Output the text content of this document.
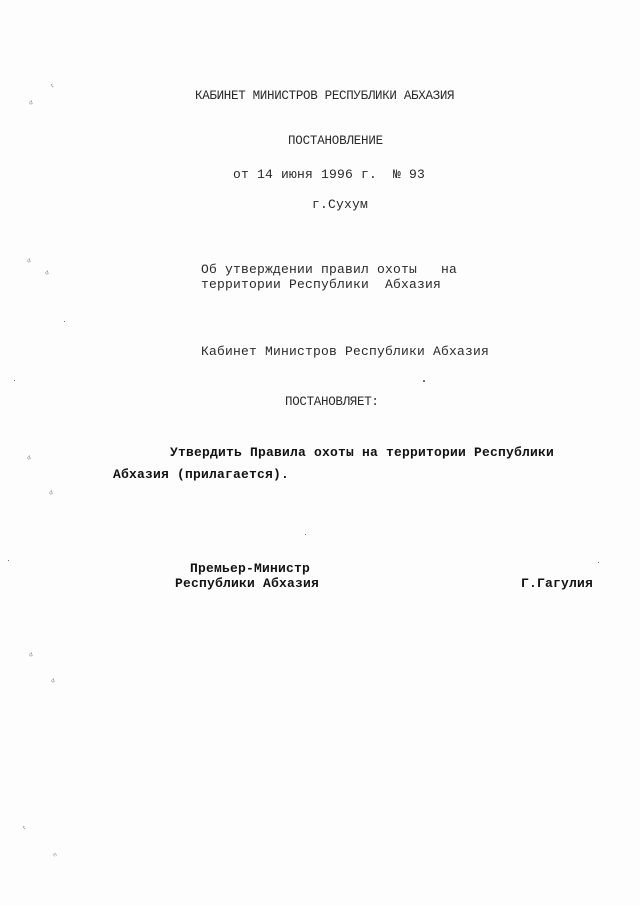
КАБИНЕТ МИНИСТРОВ РЕСПУБЛИКИ АБХАЗИЯ
ПОСТАНОВЛЕНИЕ
от 14 июня 1996 г.  № 93
г.Сухум
Об утверждении правил охоты   на
территории Республики  Абхазия
Кабинет Министров Республики Абхазия
ПОСТАНОВЛЯЕТ:
Утвердить Правила охоты на территории Республики
Абхазия (прилагается).
Премьер-Министр
Республики Абхазия	Г.Гагулия
ᵗ
ᵈ
ᵈ
ᵈ
ᵈ
ᵈ
ᵈ
ᵈ
ᵗ
ⁿ
